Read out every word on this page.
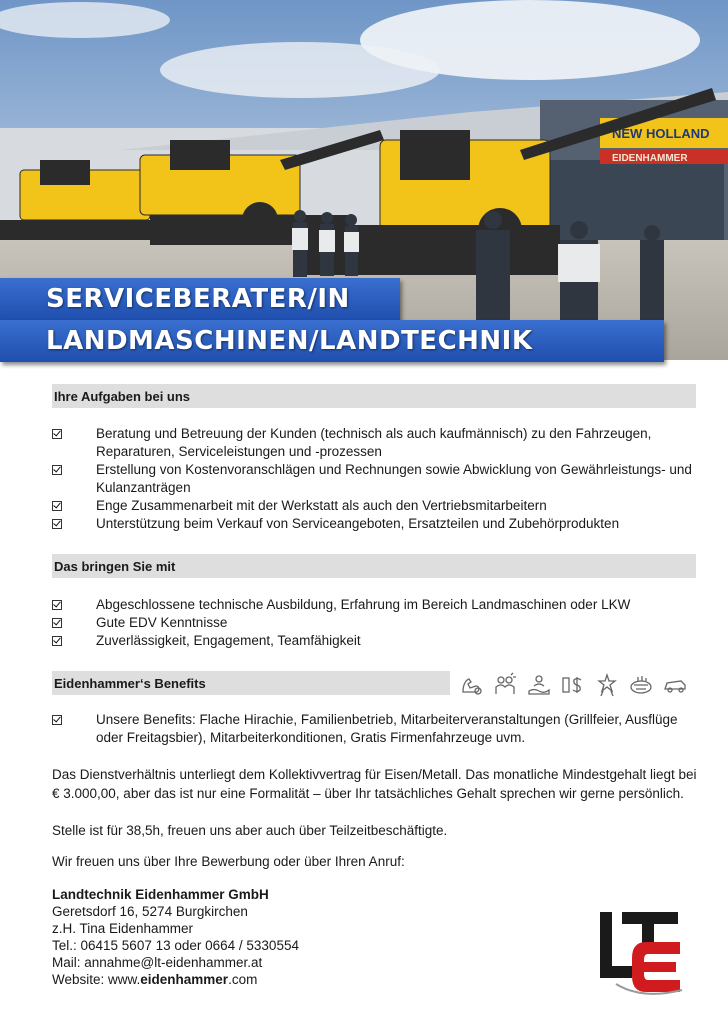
NEW HOLLAND
EIDENHAMMER
SERVICEBERATER/IN
LANDMASCHINEN/LANDTECHNIK
Ihre Aufgaben bei uns
Beratung und Betreuung der Kunden (technisch als auch kaufmännisch) zu den Fahrzeugen, Reparaturen, Serviceleistungen und -prozessen
Erstellung von Kostenvoranschlägen und Rechnungen sowie Abwicklung von Gewährleistungs- und Kulanzanträgen
Enge Zusammenarbeit mit der Werkstatt als auch den Vertriebsmitarbeitern
Unterstützung beim Verkauf von Serviceangeboten, Ersatzteilen und Zubehörprodukten
Das bringen Sie mit
Abgeschlossene technische Ausbildung, Erfahrung im Bereich Landmaschinen oder LKW
Gute EDV Kenntnisse
Zuverlässigkeit, Engagement, Teamfähigkeit
Eidenhammer‘s Benefits
Unsere Benefits: Flache Hirachie, Familienbetrieb, Mitarbeiterveranstaltungen (Grillfeier, Ausflüge oder Freitagsbier), Mitarbeiterkonditionen, Gratis Firmenfahrzeuge uvm.

Das Dienstverhältnis unterliegt dem Kollektivvertrag für Eisen/Metall. Das monatliche Mindestgehalt liegt bei € 3.000,00, aber das ist nur eine Formalität – über Ihr tatsächliches Gehalt sprechen wir gerne persönlich.

Stelle ist für 38,5h, freuen uns aber auch über Teilzeitbeschäftigte.

Wir freuen uns über Ihre Bewerbung oder über Ihren Anruf:

Landtechnik Eidenhammer GmbH
Geretsdorf 16, 5274 Burgkirchen
z.H. Tina Eidenhammer
Tel.: 06415 5607 13 oder 0664 / 5330554
Mail: annahme@lt-eidenhammer.at
Website: www.eidenhammer.com
